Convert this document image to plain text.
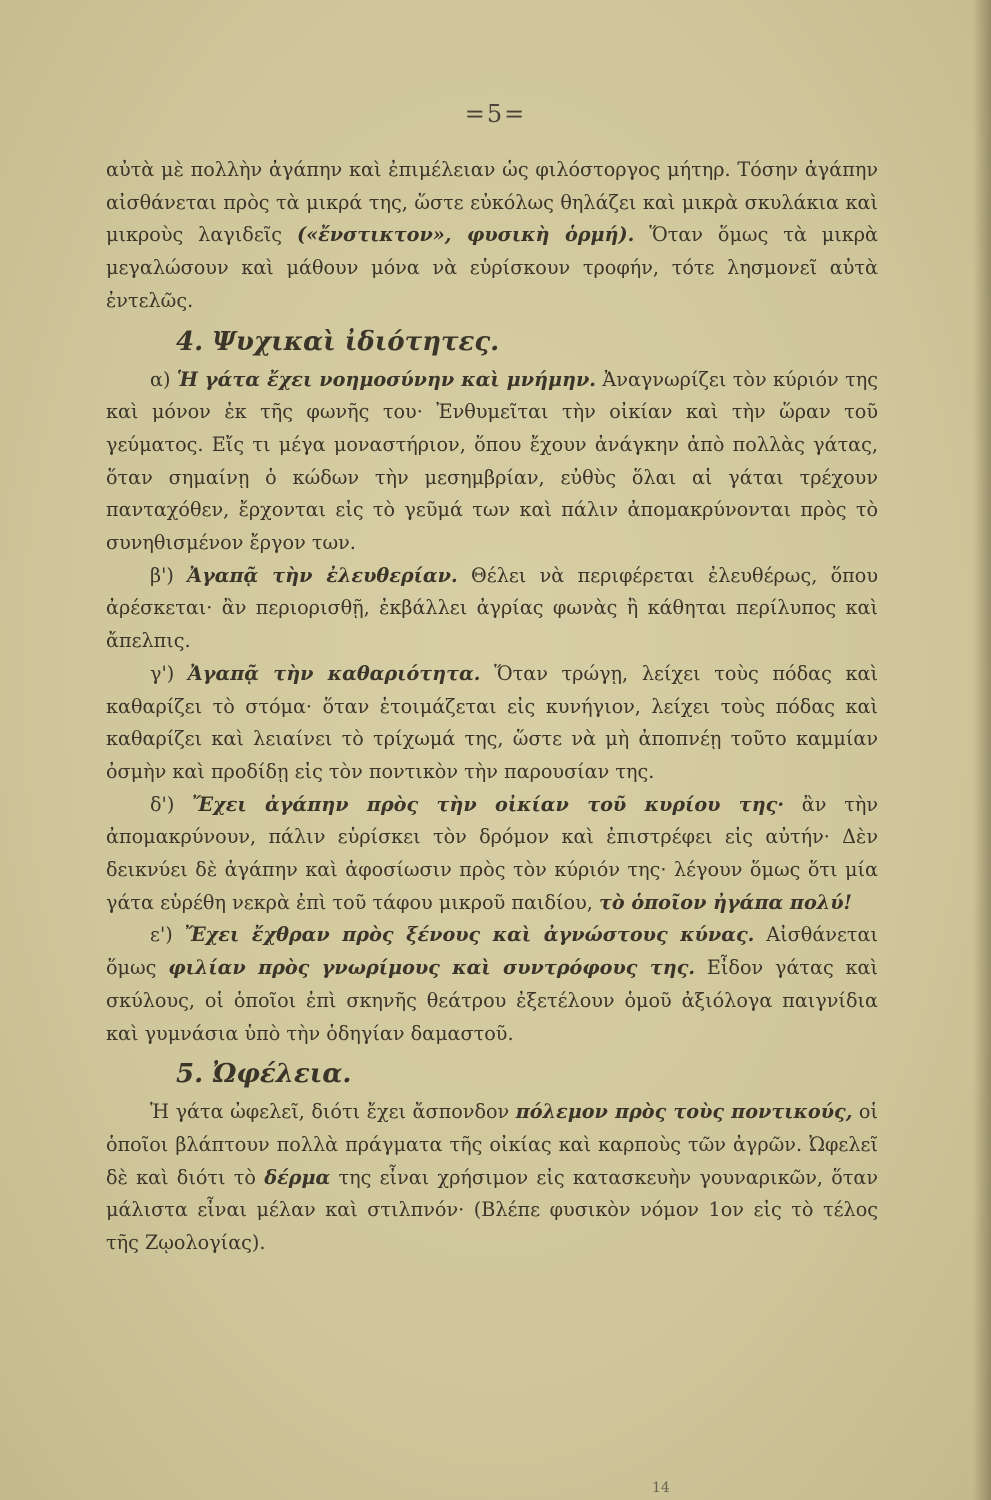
=5=

αὐτὰ μὲ πολλὴν ἀγάπην καὶ ἐπιμέλειαν ὡς φιλόστοργος μήτηρ. Τόσην ἀγάπην αἰσθάνεται πρὸς τὰ μικρά της, ὥστε εὐκόλως θηλάζει καὶ μικρὰ σκυλάκια καὶ μικροὺς λαγιδεῖς («ἔνστικτον», φυσικὴ ὁρμή). Ὅταν ὅμως τὰ μικρὰ μεγαλώσουν καὶ μάθουν μόνα νὰ εὑρίσκουν τροφήν, τότε λησμονεῖ αὐτὰ ἐντελῶς.

4. Ψυχικαὶ ἰδιότητες.

α) Ἡ γάτα ἔχει νοημοσύνην καὶ μνήμην. Ἀναγνωρίζει τὸν κύριόν της καὶ μόνον ἐκ τῆς φωνῆς του· Ἐνθυμεῖται τὴν οἰκίαν καὶ τὴν ὥραν τοῦ γεύματος. Εἴς τι μέγα μοναστήριον, ὅπου ἔχουν ἀνάγκην ἀπὸ πολλὰς γάτας, ὅταν σημαίνῃ ὁ κώδων τὴν μεσημβρίαν, εὐθὺς ὅλαι αἱ γάται τρέχουν πανταχόθεν, ἔρχονται εἰς τὸ γεῦμά των καὶ πάλιν ἀπομακρύνονται πρὸς τὸ συνηθισμένον ἔργον των.

β') Ἀγαπᾷ τὴν ἐλευθερίαν. Θέλει νὰ περιφέρεται ἐλευθέρως, ὅπου ἀρέσκεται· ἂν περιορισθῇ, ἐκβάλλει ἀγρίας φωνὰς ἢ κάθηται περίλυπος καὶ ἄπελπις.

γ') Ἀγαπᾷ τὴν καθαριότητα. Ὅταν τρώγῃ, λείχει τοὺς πόδας καὶ καθαρίζει τὸ στόμα· ὅταν ἑτοιμάζεται εἰς κυνήγιον, λείχει τοὺς πόδας καὶ καθαρίζει καὶ λειαίνει τὸ τρίχωμά της, ὥστε νὰ μὴ ἀποπνέῃ τοῦτο καμμίαν ὀσμὴν καὶ προδίδῃ εἰς τὸν ποντικὸν τὴν παρουσίαν της.

δ') Ἔχει ἀγάπην πρὸς τὴν οἰκίαν τοῦ κυρίου της· ἂν τὴν ἀπομακρύνουν, πάλιν εὑρίσκει τὸν δρόμον καὶ ἐπιστρέφει εἰς αὐτήν· Δὲν δεικνύει δὲ ἀγάπην καὶ ἀφοσίωσιν πρὸς τὸν κύριόν της· λέγουν ὅμως ὅτι μία γάτα εὑρέθη νεκρὰ ἐπὶ τοῦ τάφου μικροῦ παιδίου, τὸ ὁποῖον ἠγάπα πολύ!

ε') Ἔχει ἔχθραν πρὸς ξένους καὶ ἀγνώστους κύνας. Αἰσθάνεται ὅμως φιλίαν πρὸς γνωρίμους καὶ συντρόφους της. Εἶδον γάτας καὶ σκύλους, οἱ ὁποῖοι ἐπὶ σκηνῆς θεάτρου ἐξετέλουν ὁμοῦ ἀξιόλογα παιγνίδια καὶ γυμνάσια ὑπὸ τὴν ὁδηγίαν δαμαστοῦ.

5. Ὠφέλεια.

Ἡ γάτα ὠφελεῖ, διότι ἔχει ἄσπονδον πόλεμον πρὸς τοὺς ποντικούς, οἱ ὁποῖοι βλάπτουν πολλὰ πράγματα τῆς οἰκίας καὶ καρποὺς τῶν ἀγρῶν. Ὠφελεῖ δὲ καὶ διότι τὸ δέρμα της εἶναι χρήσιμον εἰς κατασκευὴν γουναρικῶν, ὅταν μάλιστα εἶναι μέλαν καὶ στιλπνόν· (Βλέπε φυσικὸν νόμον 1ον εἰς τὸ τέλος τῆς Ζῳολογίας).

14
